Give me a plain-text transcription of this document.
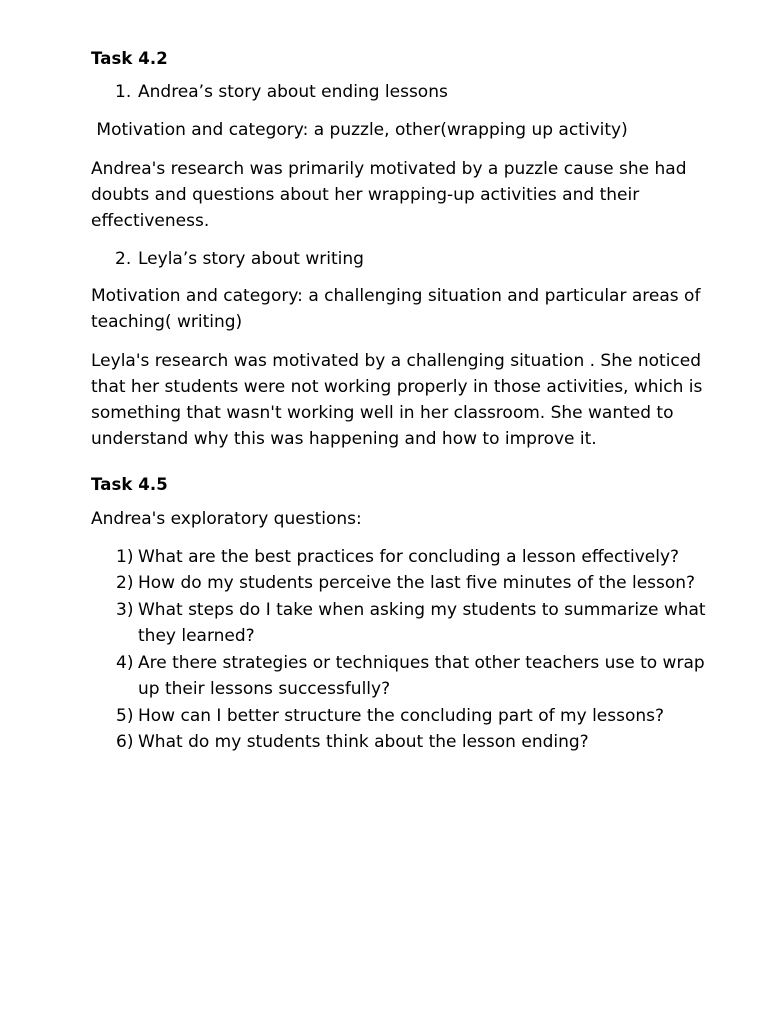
Task 4.2
Andrea’s story about ending lessons

Motivation and category: a puzzle, other(wrapping up activity)

Andrea's research was primarily motivated by a puzzle cause she had doubts and questions about her wrapping-up activities and their effectiveness.

Leyla’s story about writing

Motivation and category: a challenging situation and particular areas of teaching( writing)

Leyla's research was motivated by a challenging situation . She noticed that her students were not working properly in those activities, which is something that wasn't working well in her classroom. She wanted to understand why this was happening and how to improve it.

Task 4.5

Andrea's exploratory questions:

What are the best practices for concluding a lesson effectively?
How do my students perceive the last five minutes of the lesson?
What steps do I take when asking my students to summarize what they learned?
Are there strategies or techniques that other teachers use to wrap up their lessons successfully?
How can I better structure the concluding part of my lessons?
What do my students think about the lesson ending?
